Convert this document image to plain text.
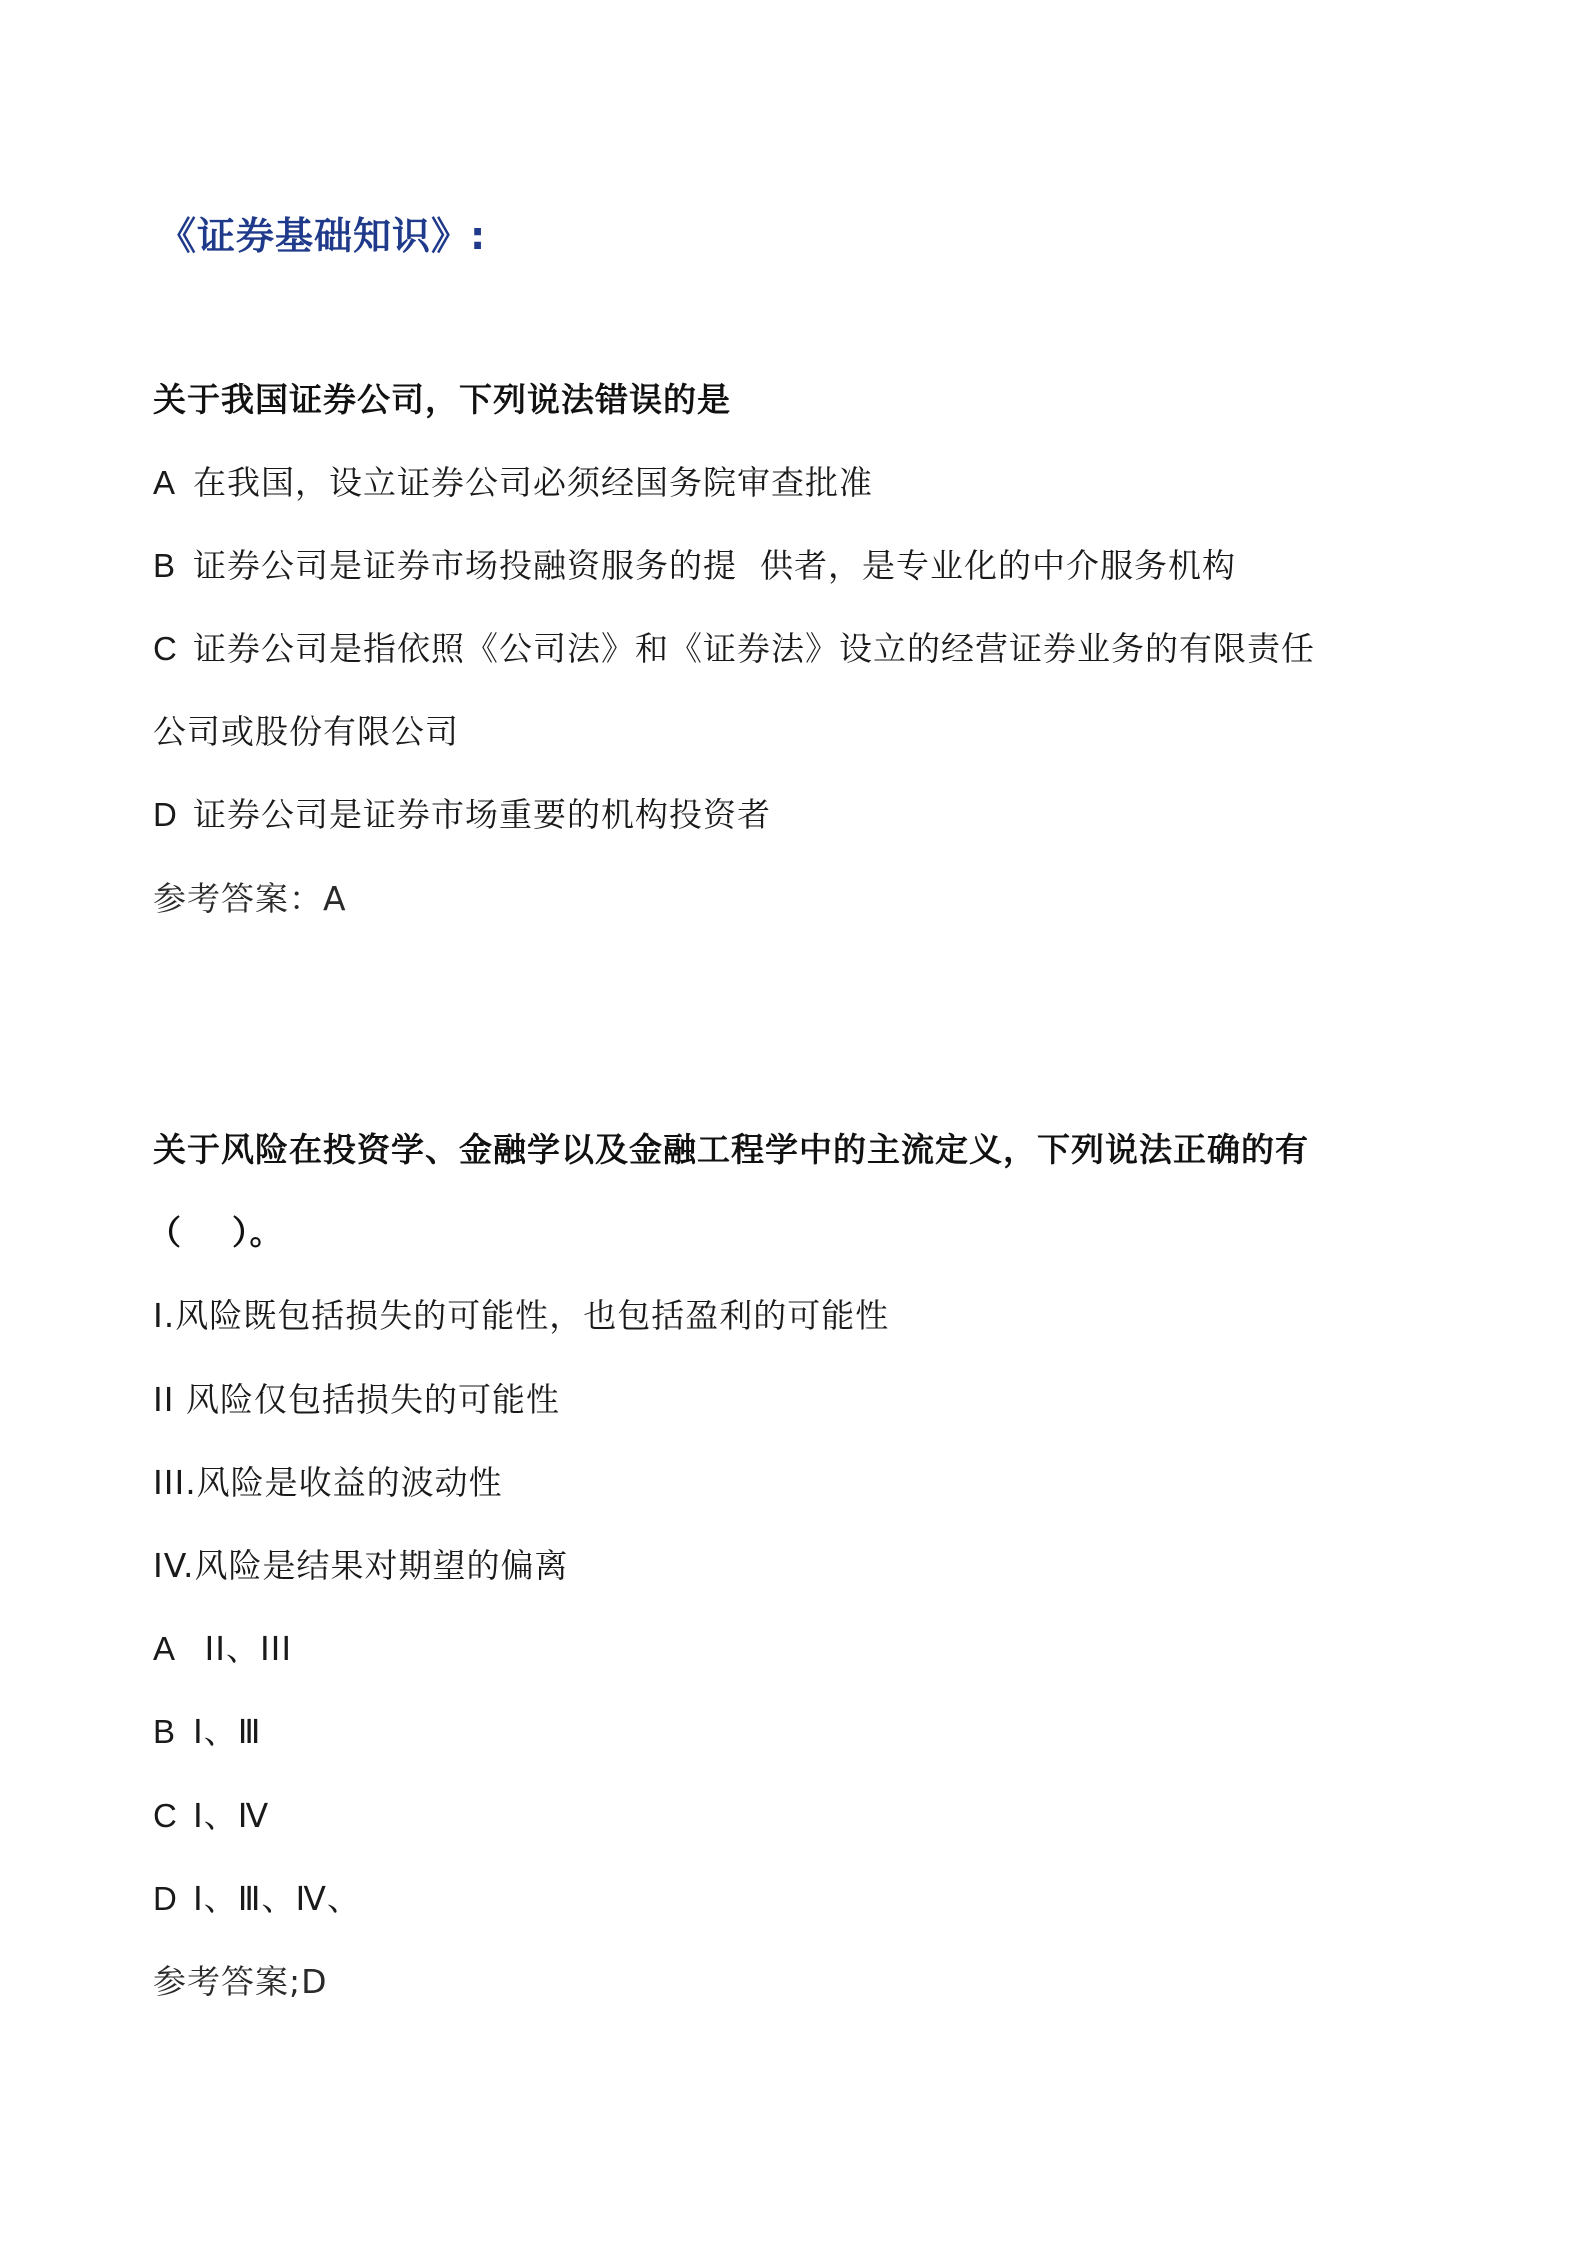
《证券基础知识》:
关于我国证券公司，下列说法错误的是
A 在我国，设立证券公司必须经国务院审查批准
B 证券公司是证券市场投融资服务的提  供者，是专业化的中介服务机构
C 证券公司是指依照《公司法》和《证券法》设立的经营证券业务的有限责任
公司或股份有限公司
D 证券公司是证券市场重要的机构投资者
参考答案：A
关于风险在投资学、金融学以及金融工程学中的主流定义，下列说法正确的有
（    ）。
I.风险既包括损失的可能性，也包括盈利的可能性
II 风险仅包括损失的可能性
III.风险是收益的波动性
IV.风险是结果对期望的偏离
A II、III
B Ⅰ、Ⅲ
C Ⅰ、Ⅳ
D Ⅰ、Ⅲ、Ⅳ、
参考答案;D
